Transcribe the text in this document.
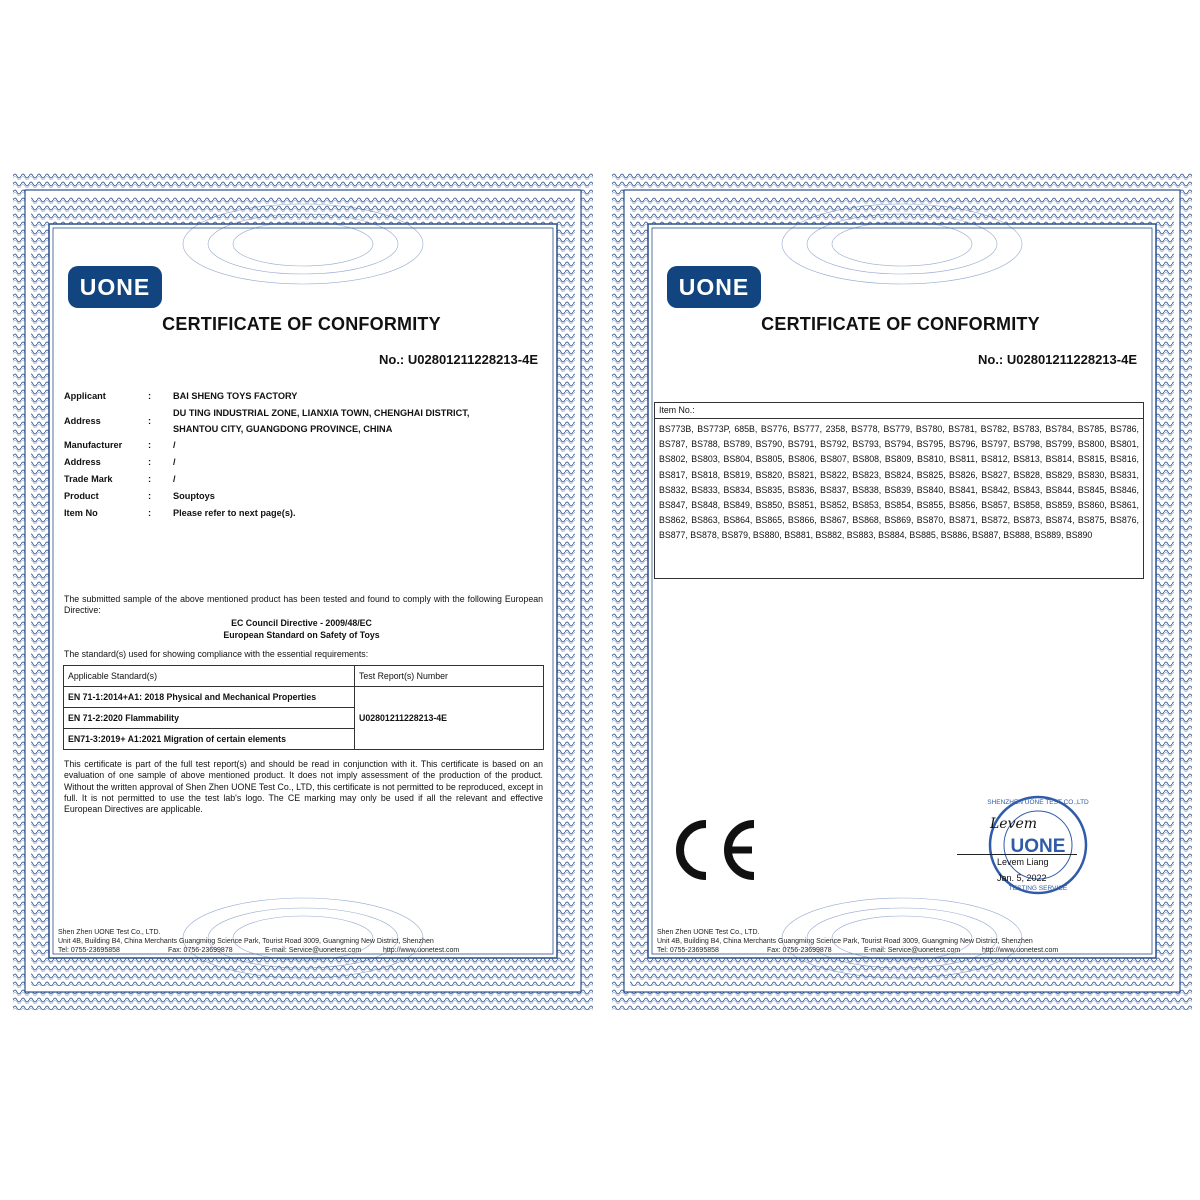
UONE
CERTIFICATE OF CONFORMITY
No.: U02801211228213-4E
Applicant	:	BAI SHENG TOYS FACTORY
Address	:
DU TING INDUSTRIAL ZONE, LIANXIA TOWN, CHENGHAI DISTRICT,
SHANTOU CITY, GUANGDONG PROVINCE, CHINA
Manufacturer	:	/
Address	:	/
Trade Mark	:	/
Product	:	Souptoys
Item No	:	Please refer to next page(s).
The submitted sample of the above mentioned product has been tested and found to comply with the following European Directive:
EC Council Directive - 2009/48/EC
European Standard on Safety of Toys
The standard(s) used for showing compliance with the essential requirements:
Applicable Standard(s)	Test Report(s) Number
EN 71-1:2014+A1: 2018 Physical and Mechanical Properties	U02801211228213-4E
EN 71-2:2020 Flammability	
EN71-3:2019+ A1:2021 Migration of certain elements	
This certificate is part of the full test report(s) and should be read in conjunction with it. This certificate is based on an evaluation of one sample of above mentioned product. It does not imply assessment of the production of the product. Without the written approval of Shen Zhen UONE Test Co., LTD, this certificate is not permitted to be reproduced, except in full. It is not permitted to use the test lab's logo. The CE marking may only be used if all the relevant and effective European Directives are applicable.
Shen Zhen UONE Test Co., LTD.
Unit 4B, Building B4, China Merchants Guangming Science Park, Tourist Road 3009, Guangming New District, Shenzhen
Tel: 0755-23695858	Fax: 0756-23699878	E-mail: Service@uonetest.com	http://www.uonetest.com
UONE
CERTIFICATE OF CONFORMITY
No.: U02801211228213-4E
Item No.:
BS773B, BS773P, 685B, BS776, BS777, 2358, BS778, BS779, BS780, BS781, BS782, BS783, BS784, BS785, BS786, BS787, BS788, BS789, BS790, BS791, BS792, BS793, BS794, BS795, BS796, BS797, BS798, BS799, BS800, BS801, BS802, BS803, BS804, BS805, BS806, BS807, BS808, BS809, BS810, BS811, BS812, BS813, BS814, BS815, BS816, BS817, BS818, BS819, BS820, BS821, BS822, BS823, BS824, BS825, BS826, BS827, BS828, BS829, BS830, BS831, BS832, BS833, BS834, BS835, BS836, BS837, BS838, BS839, BS840, BS841, BS842, BS843, BS844, BS845, BS846, BS847, BS848, BS849, BS850, BS851, BS852, BS853, BS854, BS855, BS856, BS857, BS858, BS859, BS860, BS861, BS862, BS863, BS864, BS865, BS866, BS867, BS868, BS869, BS870, BS871, BS872, BS873, BS874, BS875, BS876, BS877, BS878, BS879, BS880, BS881, BS882, BS883, BS884, BS885, BS886, BS887, BS888, BS889, BS890
UONE
SHENZHEN UONE TEST CO.,LTD
TESTING SERVICE
Levem
Levem Liang
Jan. 5, 2022
Shen Zhen UONE Test Co., LTD.
Unit 4B, Building B4, China Merchants Guangming Science Park, Tourist Road 3009, Guangming New District, Shenzhen
Tel: 0755-23695858	Fax: 0756-23699878	E-mail: Service@uonetest.com	http://www.uonetest.com
